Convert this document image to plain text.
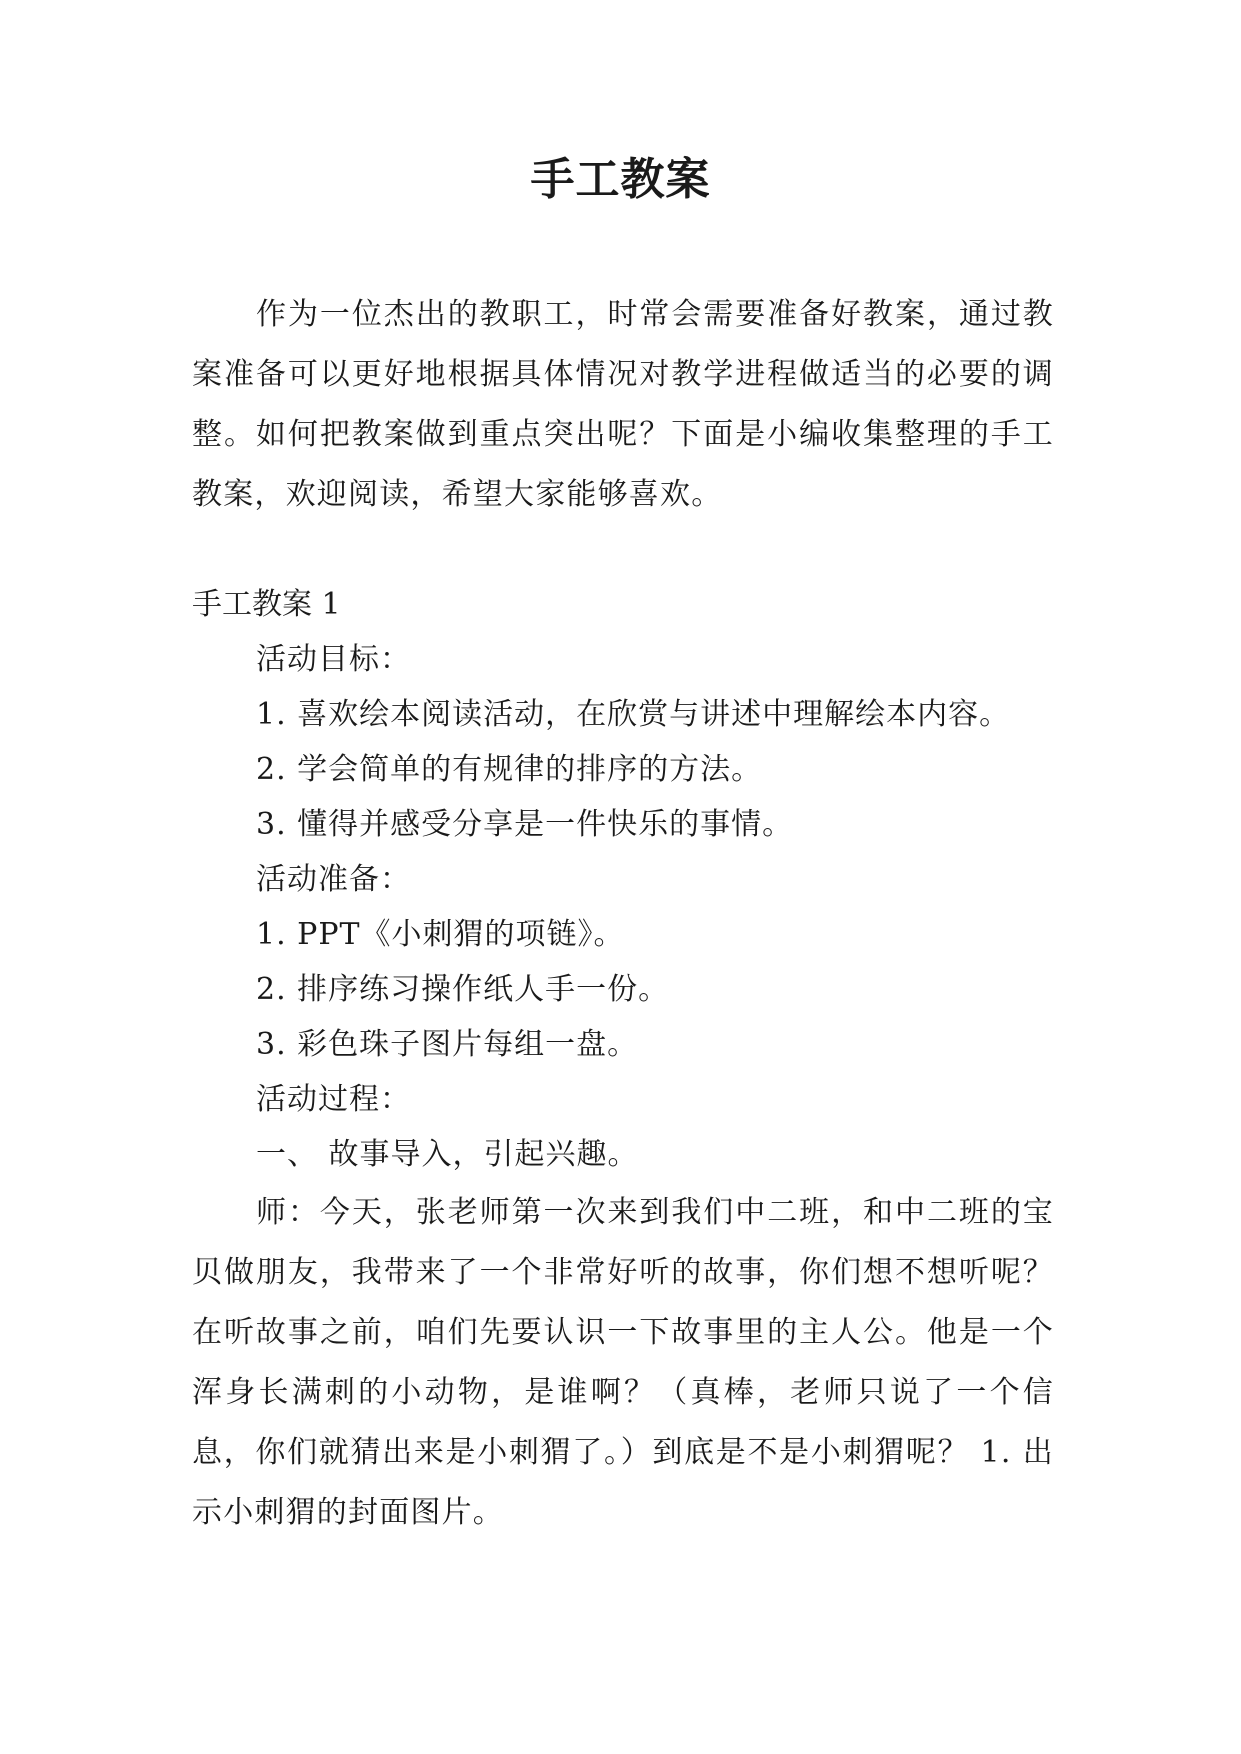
手工教案

作为一位杰出的教职工，时常会需要准备好教案，通过教案准备可以更好地根据具体情况对教学进程做适当的必要的调整。如何把教案做到重点突出呢？下面是小编收集整理的手工教案，欢迎阅读，希望大家能够喜欢。

手工教案 1

活动目标：

1. 喜欢绘本阅读活动，在欣赏与讲述中理解绘本内容。

2. 学会简单的有规律的排序的方法。

3. 懂得并感受分享是一件快乐的事情。

活动准备：

1. PPT《小刺猬的项链》。

2. 排序练习操作纸人手一份。

3. 彩色珠子图片每组一盘。

活动过程：

一、 故事导入，引起兴趣。

师：今天，张老师第一次来到我们中二班，和中二班的宝贝做朋友，我带来了一个非常好听的故事，你们想不想听呢？在听故事之前，咱们先要认识一下故事里的主人公。他是一个浑身长满刺的小动物，是谁啊？（真棒，老师只说了一个信息，你们就猜出来是小刺猬了。）到底是不是小刺猬呢？ 1. 出示小刺猬的封面图片。
